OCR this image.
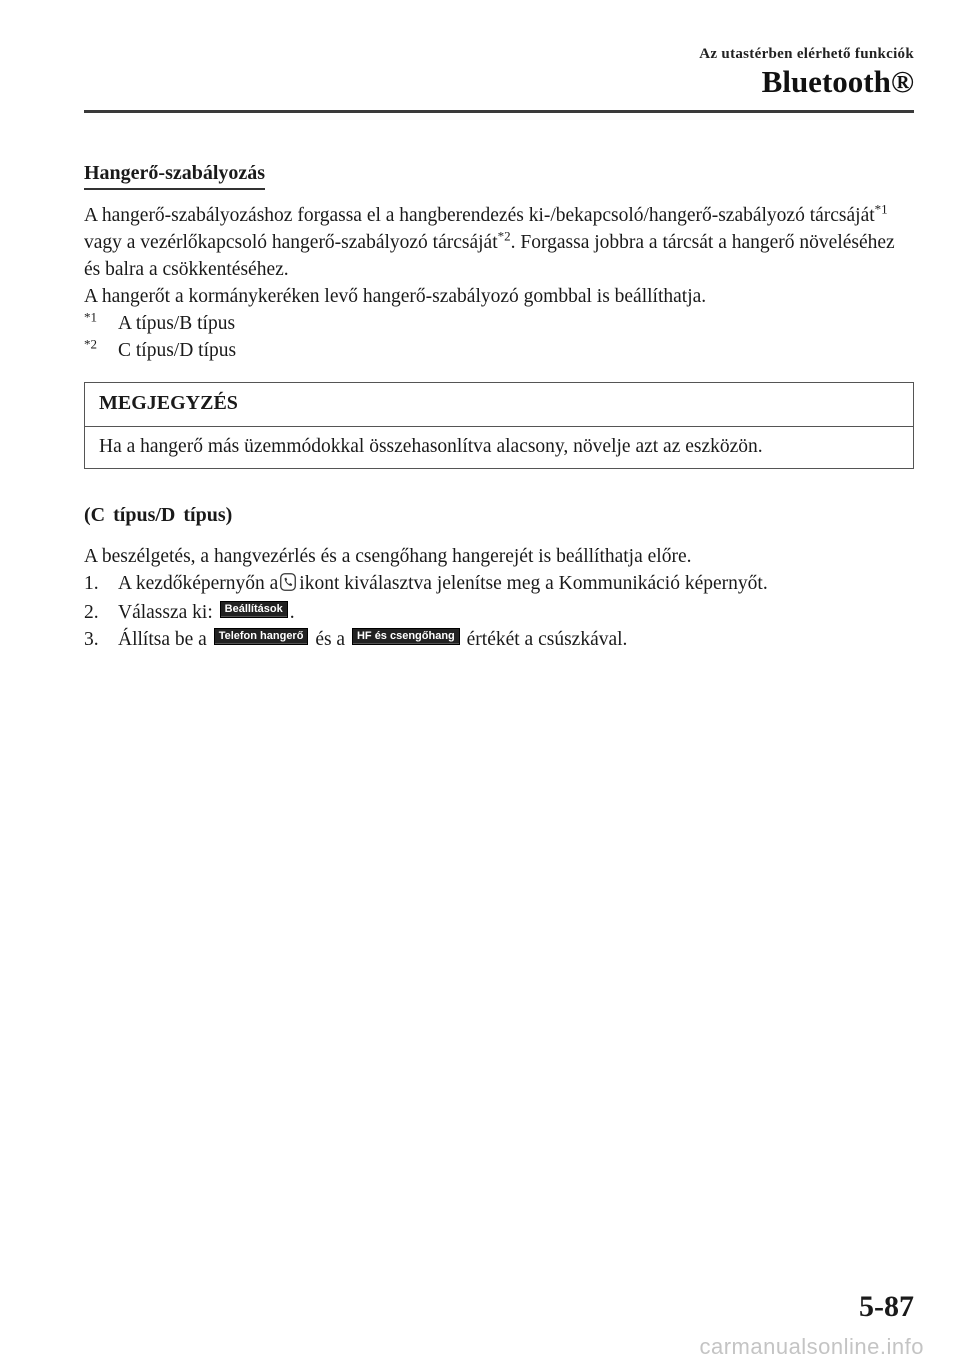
Az utastérben elérhető funkciók
Bluetooth®
Hangerő-szabályozás

A hangerő-szabályozáshoz forgassa el a hangberendezés ki-/bekapcsoló/hangerő-szabályozó tárcsáját$^{*1}$ vagy a vezérlőkapcsoló hangerő-szabályozó tárcsáját$^{*2}$. Forgassa jobbra a tárcsát a hangerő növeléséhez és balra a csökkentéséhez.

A hangerőt a kormánykeréken levő hangerő-szabályozó gombbal is beállíthatja.

$^{*1}$	A típus/B típus
$^{*2}$	C típus/D típus
MEGJEGYZÉS
Ha a hangerő más üzemmódokkal összehasonlítva alacsony, növelje azt az eszközön.
(C típus/D típus)

A beszélgetés, a hangvezérlés és a csengőhang hangerejét is beállíthatja előre.

1. A kezdőképernyőn a ikont kiválasztva jelenítse meg a Kommunikáció képernyőt.
2. Válassza ki: Beállítások .
3. Állítsa be a Telefon hangerő és a HF és csengőhang értékét a csúszkával.
5-87
carmanualsonline.info
